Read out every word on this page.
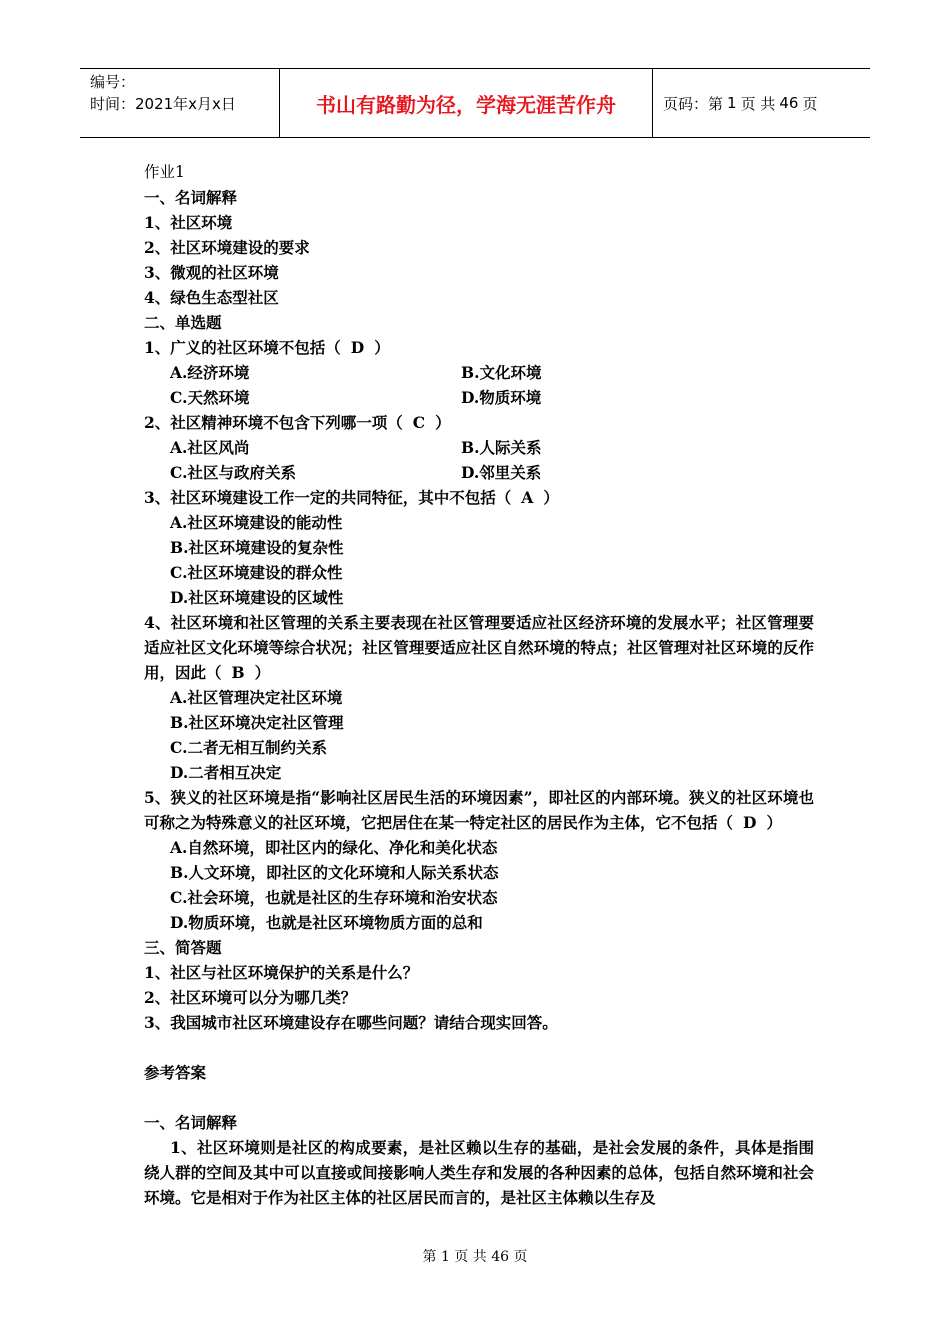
编号：
时间：2021年x月x日	书山有路勤为径，学海无涯苦作舟	页码：第 1 页 共 46 页
作业1
一、名词解释
1、社区环境
2、社区环境建设的要求
3、微观的社区环境
4、绿色生态型社区
二、单选题
1、广义的社区环境不包括（ D ）
A.经济环境	B.文化环境
C.天然环境	D.物质环境
2、社区精神环境不包含下列哪一项（ C ）
A.社区风尚	B.人际关系
C.社区与政府关系	D.邻里关系
3、社区环境建设工作一定的共同特征，其中不包括（ A ）
A.社区环境建设的能动性
B.社区环境建设的复杂性
C.社区环境建设的群众性
D.社区环境建设的区域性
4、社区环境和社区管理的关系主要表现在社区管理要适应社区经济环境的发展水平；社区管理要适应社区文化环境等综合状况；社区管理要适应社区自然环境的特点；社区管理对社区环境的反作用，因此（ B ）
A.社区管理决定社区环境
B.社区环境决定社区管理
C.二者无相互制约关系
D.二者相互决定
5、狭义的社区环境是指“影响社区居民生活的环境因素”，即社区的内部环境。狭义的社区环境也可称之为特殊意义的社区环境，它把居住在某一特定社区的居民作为主体，它不包括（ D ）
A.自然环境，即社区内的绿化、净化和美化状态
B.人文环境，即社区的文化环境和人际关系状态
C.社会环境，也就是社区的生存环境和治安状态
D.物质环境，也就是社区环境物质方面的总和
三、简答题
1、社区与社区环境保护的关系是什么？
2、社区环境可以分为哪几类？
3、我国城市社区环境建设存在哪些问题？请结合现实回答。
参考答案
一、名词解释
1、社区环境则是社区的构成要素，是社区赖以生存的基础，是社会发展的条件，具体是指围绕人群的空间及其中可以直接或间接影响人类生存和发展的各种因素的总体，包括自然环境和社会环境。它是相对于作为社区主体的社区居民而言的，是社区主体赖以生存及
第 1 页 共 46 页
